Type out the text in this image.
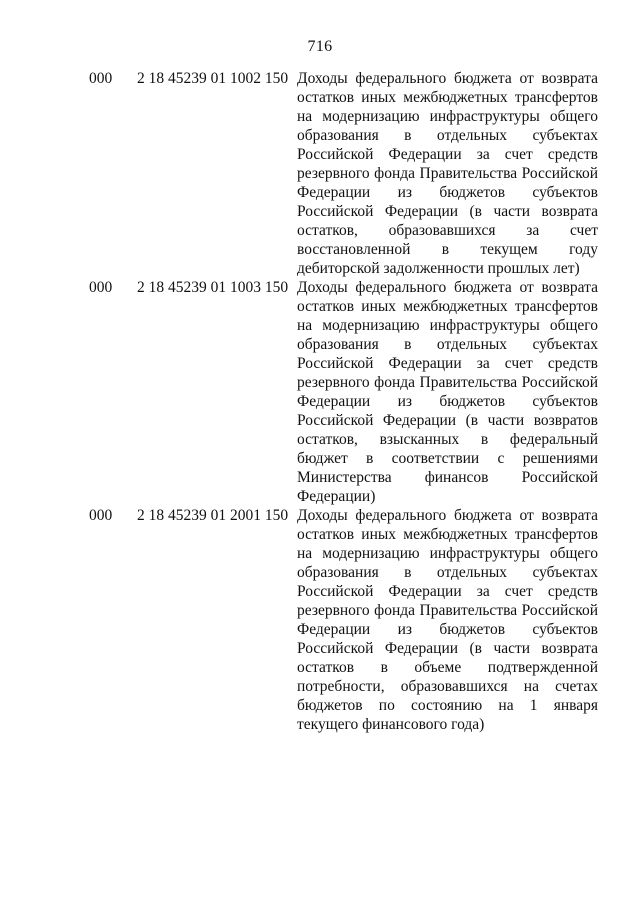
716
000 2 18 45239 01 1002 150 Доходы федерального бюджета от возврата остатков иных межбюджетных трансфертов на модернизацию инфраструктуры общего образования в отдельных субъектах Российской Федерации за счет средств резервного фонда Правительства Российской Федерации из бюджетов субъектов Российской Федерации (в части возврата остатков, образовавшихся за счет восстановленной в текущем году дебиторской задолженности прошлых лет)
000 2 18 45239 01 1003 150 Доходы федерального бюджета от возврата остатков иных межбюджетных трансфертов на модернизацию инфраструктуры общего образования в отдельных субъектах Российской Федерации за счет средств резервного фонда Правительства Российской Федерации из бюджетов субъектов Российской Федерации (в части возвратов остатков, взысканных в федеральный бюджет в соответствии с решениями Министерства финансов Российской Федерации)
000 2 18 45239 01 2001 150 Доходы федерального бюджета от возврата остатков иных межбюджетных трансфертов на модернизацию инфраструктуры общего образования в отдельных субъектах Российской Федерации за счет средств резервного фонда Правительства Российской Федерации из бюджетов субъектов Российской Федерации (в части возврата остатков в объеме подтвержденной потребности, образовавшихся на счетах бюджетов по состоянию на 1 января текущего финансового года)
